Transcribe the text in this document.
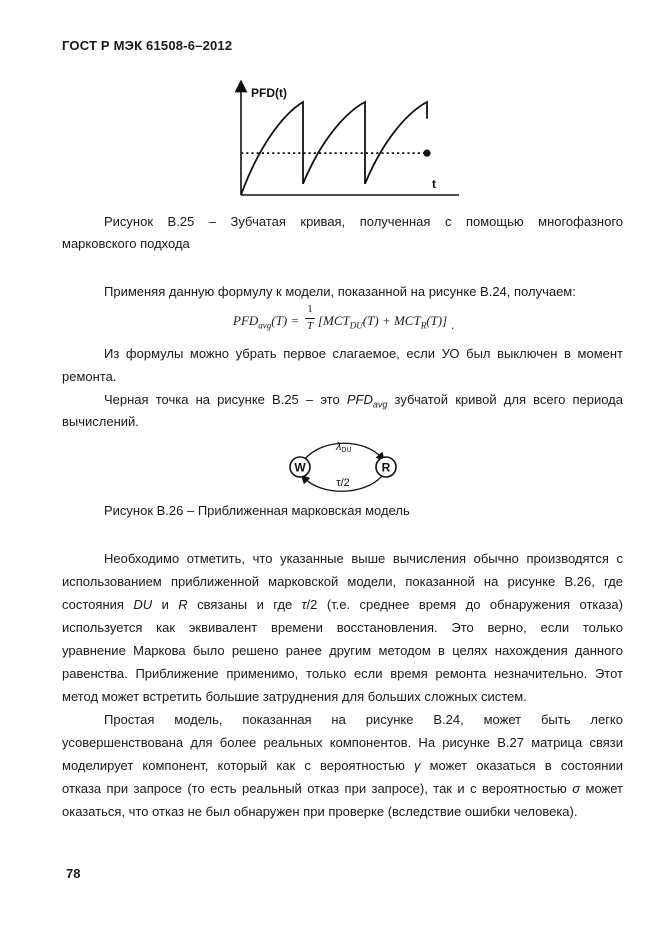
ГОСТ Р МЭК 61508-6–2012
PFD(t)
t
Рисунок В.25 – Зубчатая кривая, полученная с помощью многофазного
марковского подхода
Применяя данную формулу к модели, показанной на рисунке В.24, получаем:
$PFD_{avg}(T)$ =
1
T $[MCT_{DU}(T) + MCT_R(T)]$ .
Из формулы можно убрать первое слагаемое, если УО был выключен в момент
ремонта.
Черная точка на рисунке В.25 – это $PFD_{avg}$ зубчатой кривой для всего периода
вычислений.
W	R
λDU
τ/2
Рисунок В.26 – Приближенная марковская модель
Необходимо отметить, что указанные выше вычисления обычно производятся с
использованием приближенной марковской модели, показанной на рисунке В.26, где
состояния DU и R связаны и где τ/2 (т.е. среднее время до обнаружения отказа)
используется как эквивалент времени восстановления. Это верно, если только
уравнение Маркова было решено ранее другим методом в целях нахождения данного
равенства. Приближение применимо, только если время ремонта незначительно. Этот
метод может встретить большие затруднения для больших сложных систем.
Простая модель, показанная на рисунке В.24, может быть легко
усовершенствована для более реальных компонентов. На рисунке В.27 матрица связи
моделирует компонент, который как с вероятностью γ может оказаться в состоянии
отказа при запросе (то есть реальный отказ при запросе), так и с вероятностью σ может
оказаться, что отказ не был обнаружен при проверке (вследствие ошибки человека).
78
